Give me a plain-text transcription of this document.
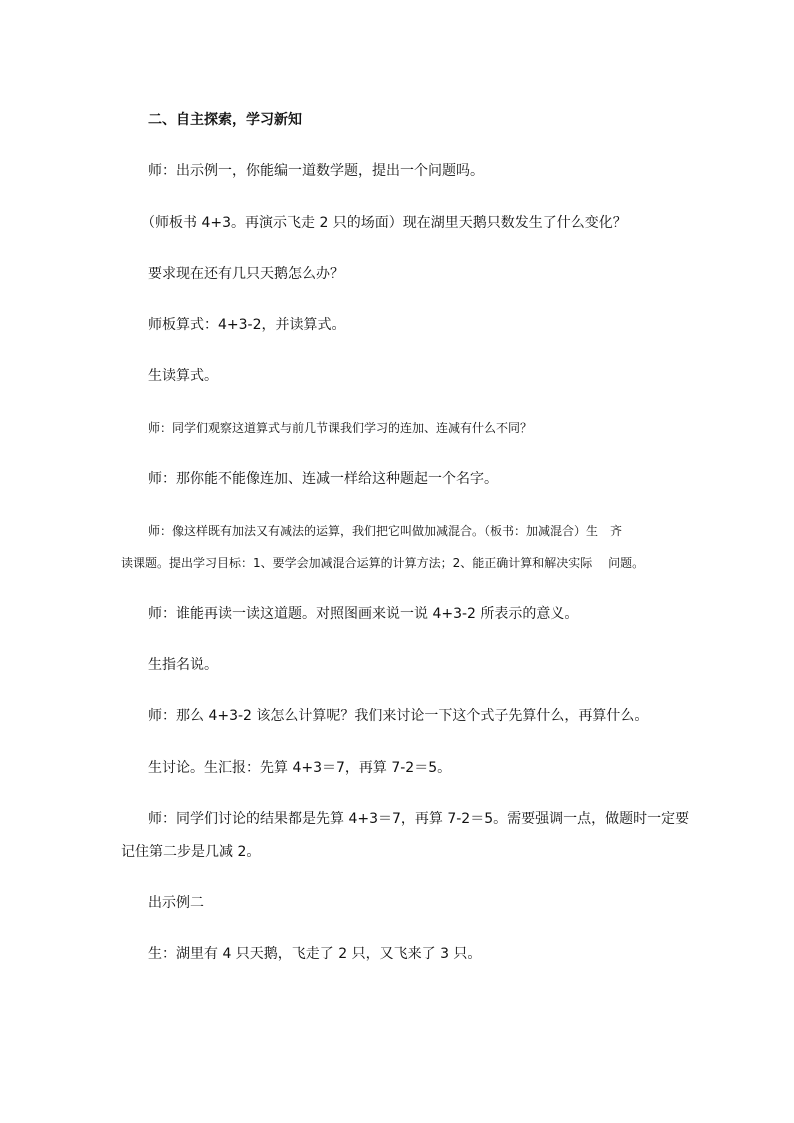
二、自主探索，学习新知
师：出示例一，你能编一道数学题，提出一个问题吗。
（师板书 4+3。再演示飞走 2 只的场面）现在湖里天鹅只数发生了什么变化？
要求现在还有几只天鹅怎么办？
师板算式：4+3-2，并读算式。
生读算式。
师：同学们观察这道算式与前几节课我们学习的连加、连减有什么不同？
师：那你能不能像连加、连减一样给这种题起一个名字。
师：像这样既有加法又有减法的运算，我们把它叫做加减混合。（板书：加减混合）生　齐
读课题。提出学习目标：1、要学会加减混合运算的计算方法；2、能正确计算和解决实际　 问题。
师：谁能再读一读这道题。对照图画来说一说 4+3-2 所表示的意义。
生指名说。
师：那么 4+3-2 该怎么计算呢？我们来讨论一下这个式子先算什么，再算什么。
生讨论。生汇报：先算 4+3＝7，再算 7-2＝5。
师：同学们讨论的结果都是先算 4+3＝7，再算 7-2＝5。需要强调一点，做题时一定要
记住第二步是几减 2。
出示例二
生：湖里有 4 只天鹅，飞走了 2 只，又飞来了 3 只。
